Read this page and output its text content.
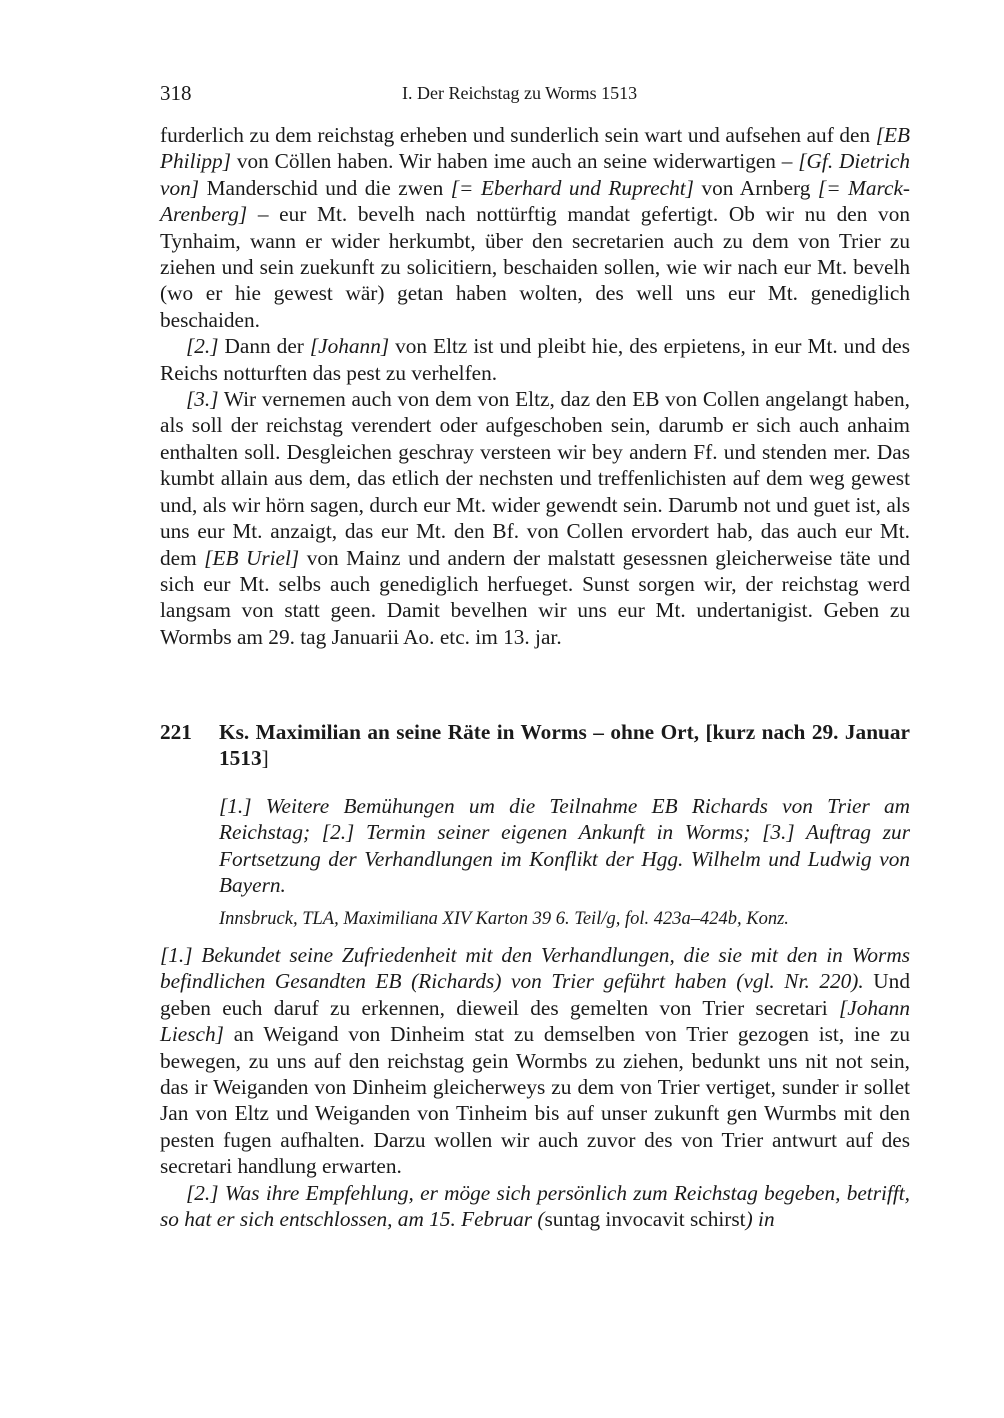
318	I. Der Reichstag zu Worms 1513

furderlich zu dem reichstag erheben und sunderlich sein wart und aufsehen auf den [EB Philipp] von Cöllen haben. Wir haben ime auch an seine widerwartigen – [Gf. Dietrich von] Manderschid und die zwen [= Eberhard und Ruprecht] von Arnberg [= Marck-Arenberg] – eur Mt. bevelh nach nottürftig mandat gefertigt. Ob wir nu den von Tynhaim, wann er wider herkumbt, über den secretarien auch zu dem von Trier zu ziehen und sein zuekunft zu solicitiern, beschaiden sollen, wie wir nach eur Mt. bevelh (wo er hie gewest wär) getan haben wolten, des well uns eur Mt. genediglich beschaiden.

[2.] Dann der [Johann] von Eltz ist und pleibt hie, des erpietens, in eur Mt. und des Reichs notturften das pest zu verhelfen.

[3.] Wir vernemen auch von dem von Eltz, daz den EB von Collen angelangt haben, als soll der reichstag verendert oder aufgeschoben sein, darumb er sich auch anhaim enthalten soll. Desgleichen geschray versteen wir bey andern Ff. und stenden mer. Das kumbt allain aus dem, das etlich der nechsten und treffenlichisten auf dem weg gewest und, als wir hörn sagen, durch eur Mt. wider gewendt sein. Darumb not und guet ist, als uns eur Mt. anzaigt, das eur Mt. den Bf. von Collen ervordert hab, das auch eur Mt. dem [EB Uriel] von Mainz und andern der malstatt gesessnen gleicherweise täte und sich eur Mt. selbs auch genediglich herfueget. Sunst sorgen wir, der reichstag werd langsam von statt geen. Damit bevelhen wir uns eur Mt. undertanigist. Geben zu Wormbs am 29. tag Januarii Ao. etc. im 13. jar.

221 Ks. Maximilian an seine Räte in Worms – ohne Ort, [kurz nach 29. Januar 1513]
[1.] Weitere Bemühungen um die Teilnahme EB Richards von Trier am Reichstag; [2.] Termin seiner eigenen Ankunft in Worms; [3.] Auftrag zur Fortsetzung der Verhandlungen im Konflikt der Hgg. Wilhelm und Ludwig von Bayern.
Innsbruck, TLA, Maximiliana XIV Karton 39 6. Teil/g, fol. 423a–424b, Konz.

[1.] Bekundet seine Zufriedenheit mit den Verhandlungen, die sie mit den in Worms befindlichen Gesandten EB (Richards) von Trier geführt haben (vgl. Nr. 220). Und geben euch daruf zu erkennen, dieweil des gemelten von Trier secretari [Johann Liesch] an Weigand von Dinheim stat zu demselben von Trier gezogen ist, ine zu bewegen, zu uns auf den reichstag gein Wormbs zu ziehen, bedunkt uns nit not sein, das ir Weiganden von Dinheim gleicherweys zu dem von Trier vertiget, sunder ir sollet Jan von Eltz und Weiganden von Tinheim bis auf unser zukunft gen Wurmbs mit den pesten fugen aufhalten. Darzu wollen wir auch zuvor des von Trier antwurt auf des secretari handlung erwarten.

[2.] Was ihre Empfehlung, er möge sich persönlich zum Reichstag begeben, betrifft, so hat er sich entschlossen, am 15. Februar (suntag invocavit schirst) in
